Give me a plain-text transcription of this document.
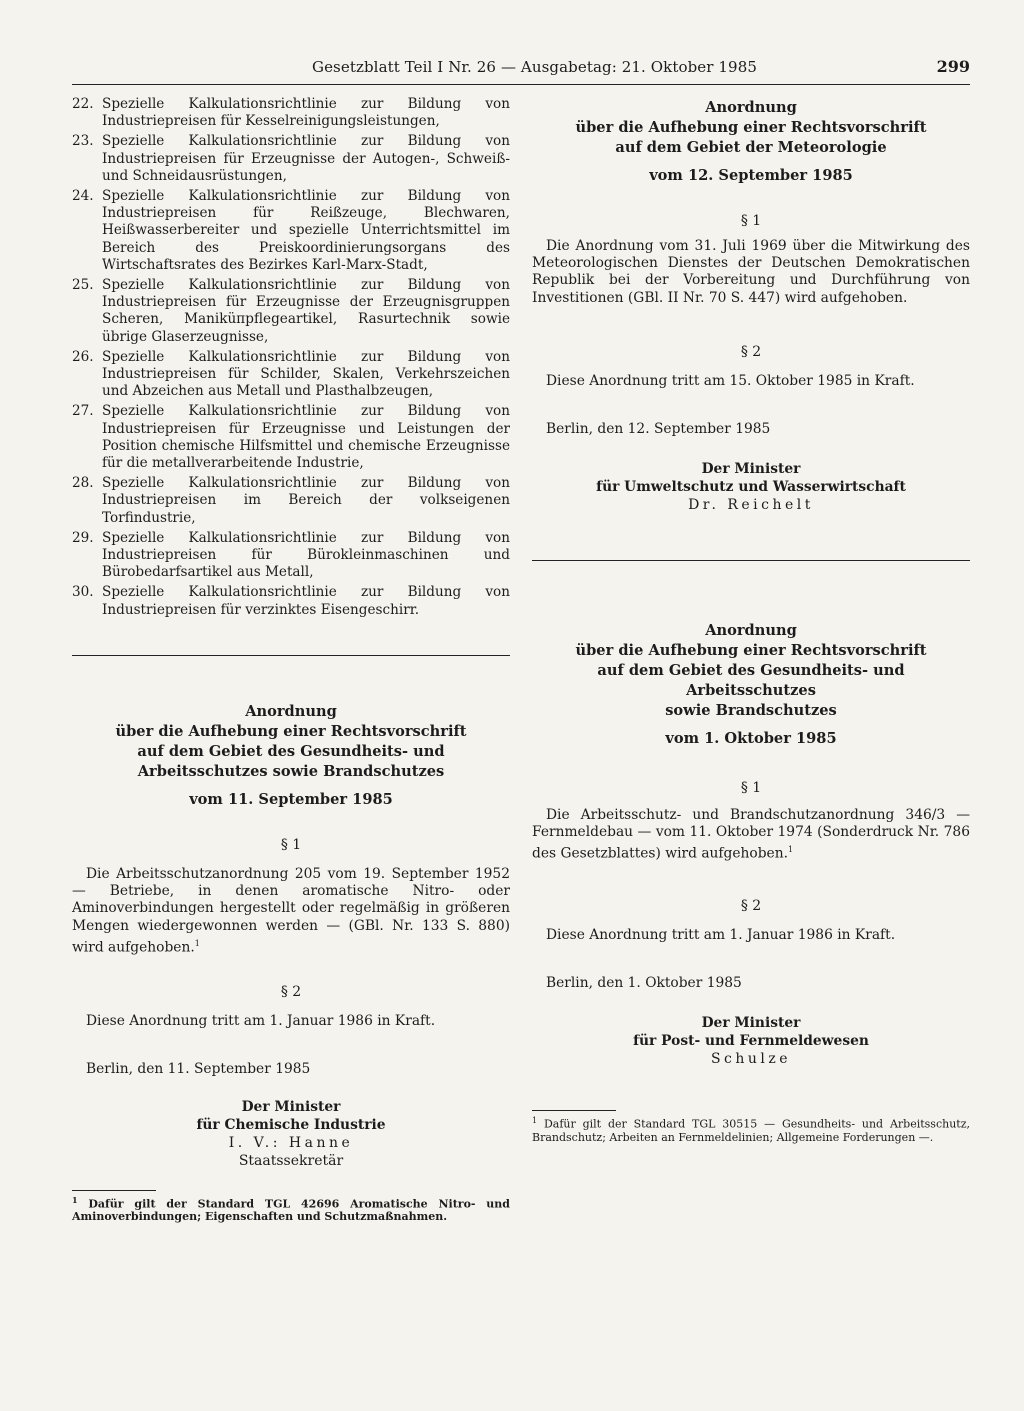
Gesetzblatt Teil I Nr. 26 — Ausgabetag: 21. Oktober 1985	299
22. Spezielle Kalkulationsrichtlinie zur Bildung von Industriepreisen für Kesselreinigungsleistungen,
23. Spezielle Kalkulationsrichtlinie zur Bildung von Industriepreisen für Erzeugnisse der Autogen-, Schweiß- und Schneidausrüstungen,
24. Spezielle Kalkulationsrichtlinie zur Bildung von Industriepreisen für Reißzeuge, Blechwaren, Heißwasserbereiter und spezielle Unterrichtsmittel im Bereich des Preiskoordinierungsorgans des Wirtschaftsrates des Bezirkes Karl-Marx-Stadt,
25. Spezielle Kalkulationsrichtlinie zur Bildung von Industriepreisen für Erzeugnisse der Erzeugnisgruppen Scheren, Maniküпpflegeartikel, Rasurtechnik sowie übrige Glaserzeugnisse,
26. Spezielle Kalkulationsrichtlinie zur Bildung von Industriepreisen für Schilder, Skalen, Verkehrszeichen und Abzeichen aus Metall und Plasthalbzeugen,
27. Spezielle Kalkulationsrichtlinie zur Bildung von Industriepreisen für Erzeugnisse und Leistungen der Position chemische Hilfsmittel und chemische Erzeugnisse für die metallverarbeitende Industrie,
28. Spezielle Kalkulationsrichtlinie zur Bildung von Industriepreisen im Bereich der volkseigenen Torfindustrie,
29. Spezielle Kalkulationsrichtlinie zur Bildung von Industriepreisen für Bürokleinmaschinen und Bürobedarfsartikel aus Metall,
30. Spezielle Kalkulationsrichtlinie zur Bildung von Industriepreisen für verzinktes Eisengeschirr.
Anordnung
über die Aufhebung einer Rechtsvorschrift
auf dem Gebiet des Gesundheits- und
Arbeitsschutzes sowie Brandschutzes
vom 11. September 1985
§ 1
Die Arbeitsschutzanordnung 205 vom 19. September 1952 — Betriebe, in denen aromatische Nitro- oder Aminoverbindungen hergestellt oder regelmäßig in größeren Mengen wiedergewonnen werden — (GBl. Nr. 133 S. 880) wird aufgehoben.$^1$
§ 2
Diese Anordnung tritt am 1. Januar 1986 in Kraft.
Berlin, den 11. September 1985
Der Minister
für Chemische Industrie
I. V.: Hanne
Staatssekretär
$^1$ Dafür gilt der Standard TGL 42696 Aromatische Nitro- und Aminoverbindungen; Eigenschaften und Schutzmaßnahmen.
Anordnung
über die Aufhebung einer Rechtsvorschrift
auf dem Gebiet der Meteorologie
vom 12. September 1985
§ 1
Die Anordnung vom 31. Juli 1969 über die Mitwirkung des Meteorologischen Dienstes der Deutschen Demokratischen Republik bei der Vorbereitung und Durchführung von Investitionen (GBl. II Nr. 70 S. 447) wird aufgehoben.
§ 2
Diese Anordnung tritt am 15. Oktober 1985 in Kraft.
Berlin, den 12. September 1985
Der Minister
für Umweltschutz und Wasserwirtschaft
Dr. Reichelt
Anordnung
über die Aufhebung einer Rechtsvorschrift
auf dem Gebiet des Gesundheits- und Arbeitsschutzes
sowie Brandschutzes
vom 1. Oktober 1985
§ 1
Die Arbeitsschutz- und Brandschutzanordnung 346/3 — Fernmeldebau — vom 11. Oktober 1974 (Sonderdruck Nr. 786 des Gesetzblattes) wird aufgehoben.$^1$
§ 2
Diese Anordnung tritt am 1. Januar 1986 in Kraft.
Berlin, den 1. Oktober 1985
Der Minister
für Post- und Fernmeldewesen
Schulze
$^1$ Dafür gilt der Standard TGL 30515 — Gesundheits- und Arbeitsschutz, Brandschutz; Arbeiten an Fernmeldelinien; Allgemeine Forderungen —.
